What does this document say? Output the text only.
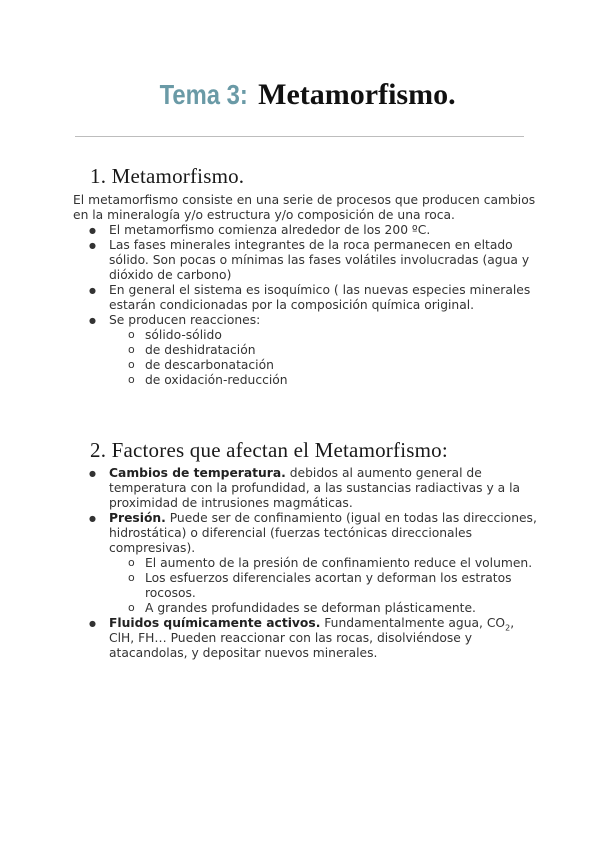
Tema 3: Metamorfismo.
1. Metamorfismo.

El metamorfismo consiste en una serie de procesos que producen cambios en la mineralogía y/o estructura y/o composición de una roca.

● El metamorfismo comienza alrededor de los 200 ºC.
● Las fases minerales integrantes de la roca permanecen en eltado sólido. Son pocas o mínimas las fases volátiles involucradas (agua y dióxido de carbono)
● En general el sistema es isoquímico ( las nuevas especies minerales estarán condicionadas por la composición química original.
● Se producen reacciones:
o sólido-sólido
o de deshidratación
o de descarbonatación
o de oxidación-reducción
2. Factores que afectan el Metamorfismo:
● Cambios de temperatura. debidos al aumento general de temperatura con la profundidad, a las sustancias radiactivas y a la proximidad de intrusiones magmáticas.
● Presión. Puede ser de confinamiento (igual en todas las direcciones, hidrostática) o diferencial (fuerzas tectónicas direccionales compresivas).
o El aumento de la presión de confinamiento reduce el volumen.
o Los esfuerzos diferenciales acortan y deforman los estratos rocosos.
o A grandes profundidades se deforman plásticamente.
● Fluidos químicamente activos. Fundamentalmente agua, $CO_2$, ClH, FH… Pueden reaccionar con las rocas, disolviéndose y atacandolas, y depositar nuevos minerales.
